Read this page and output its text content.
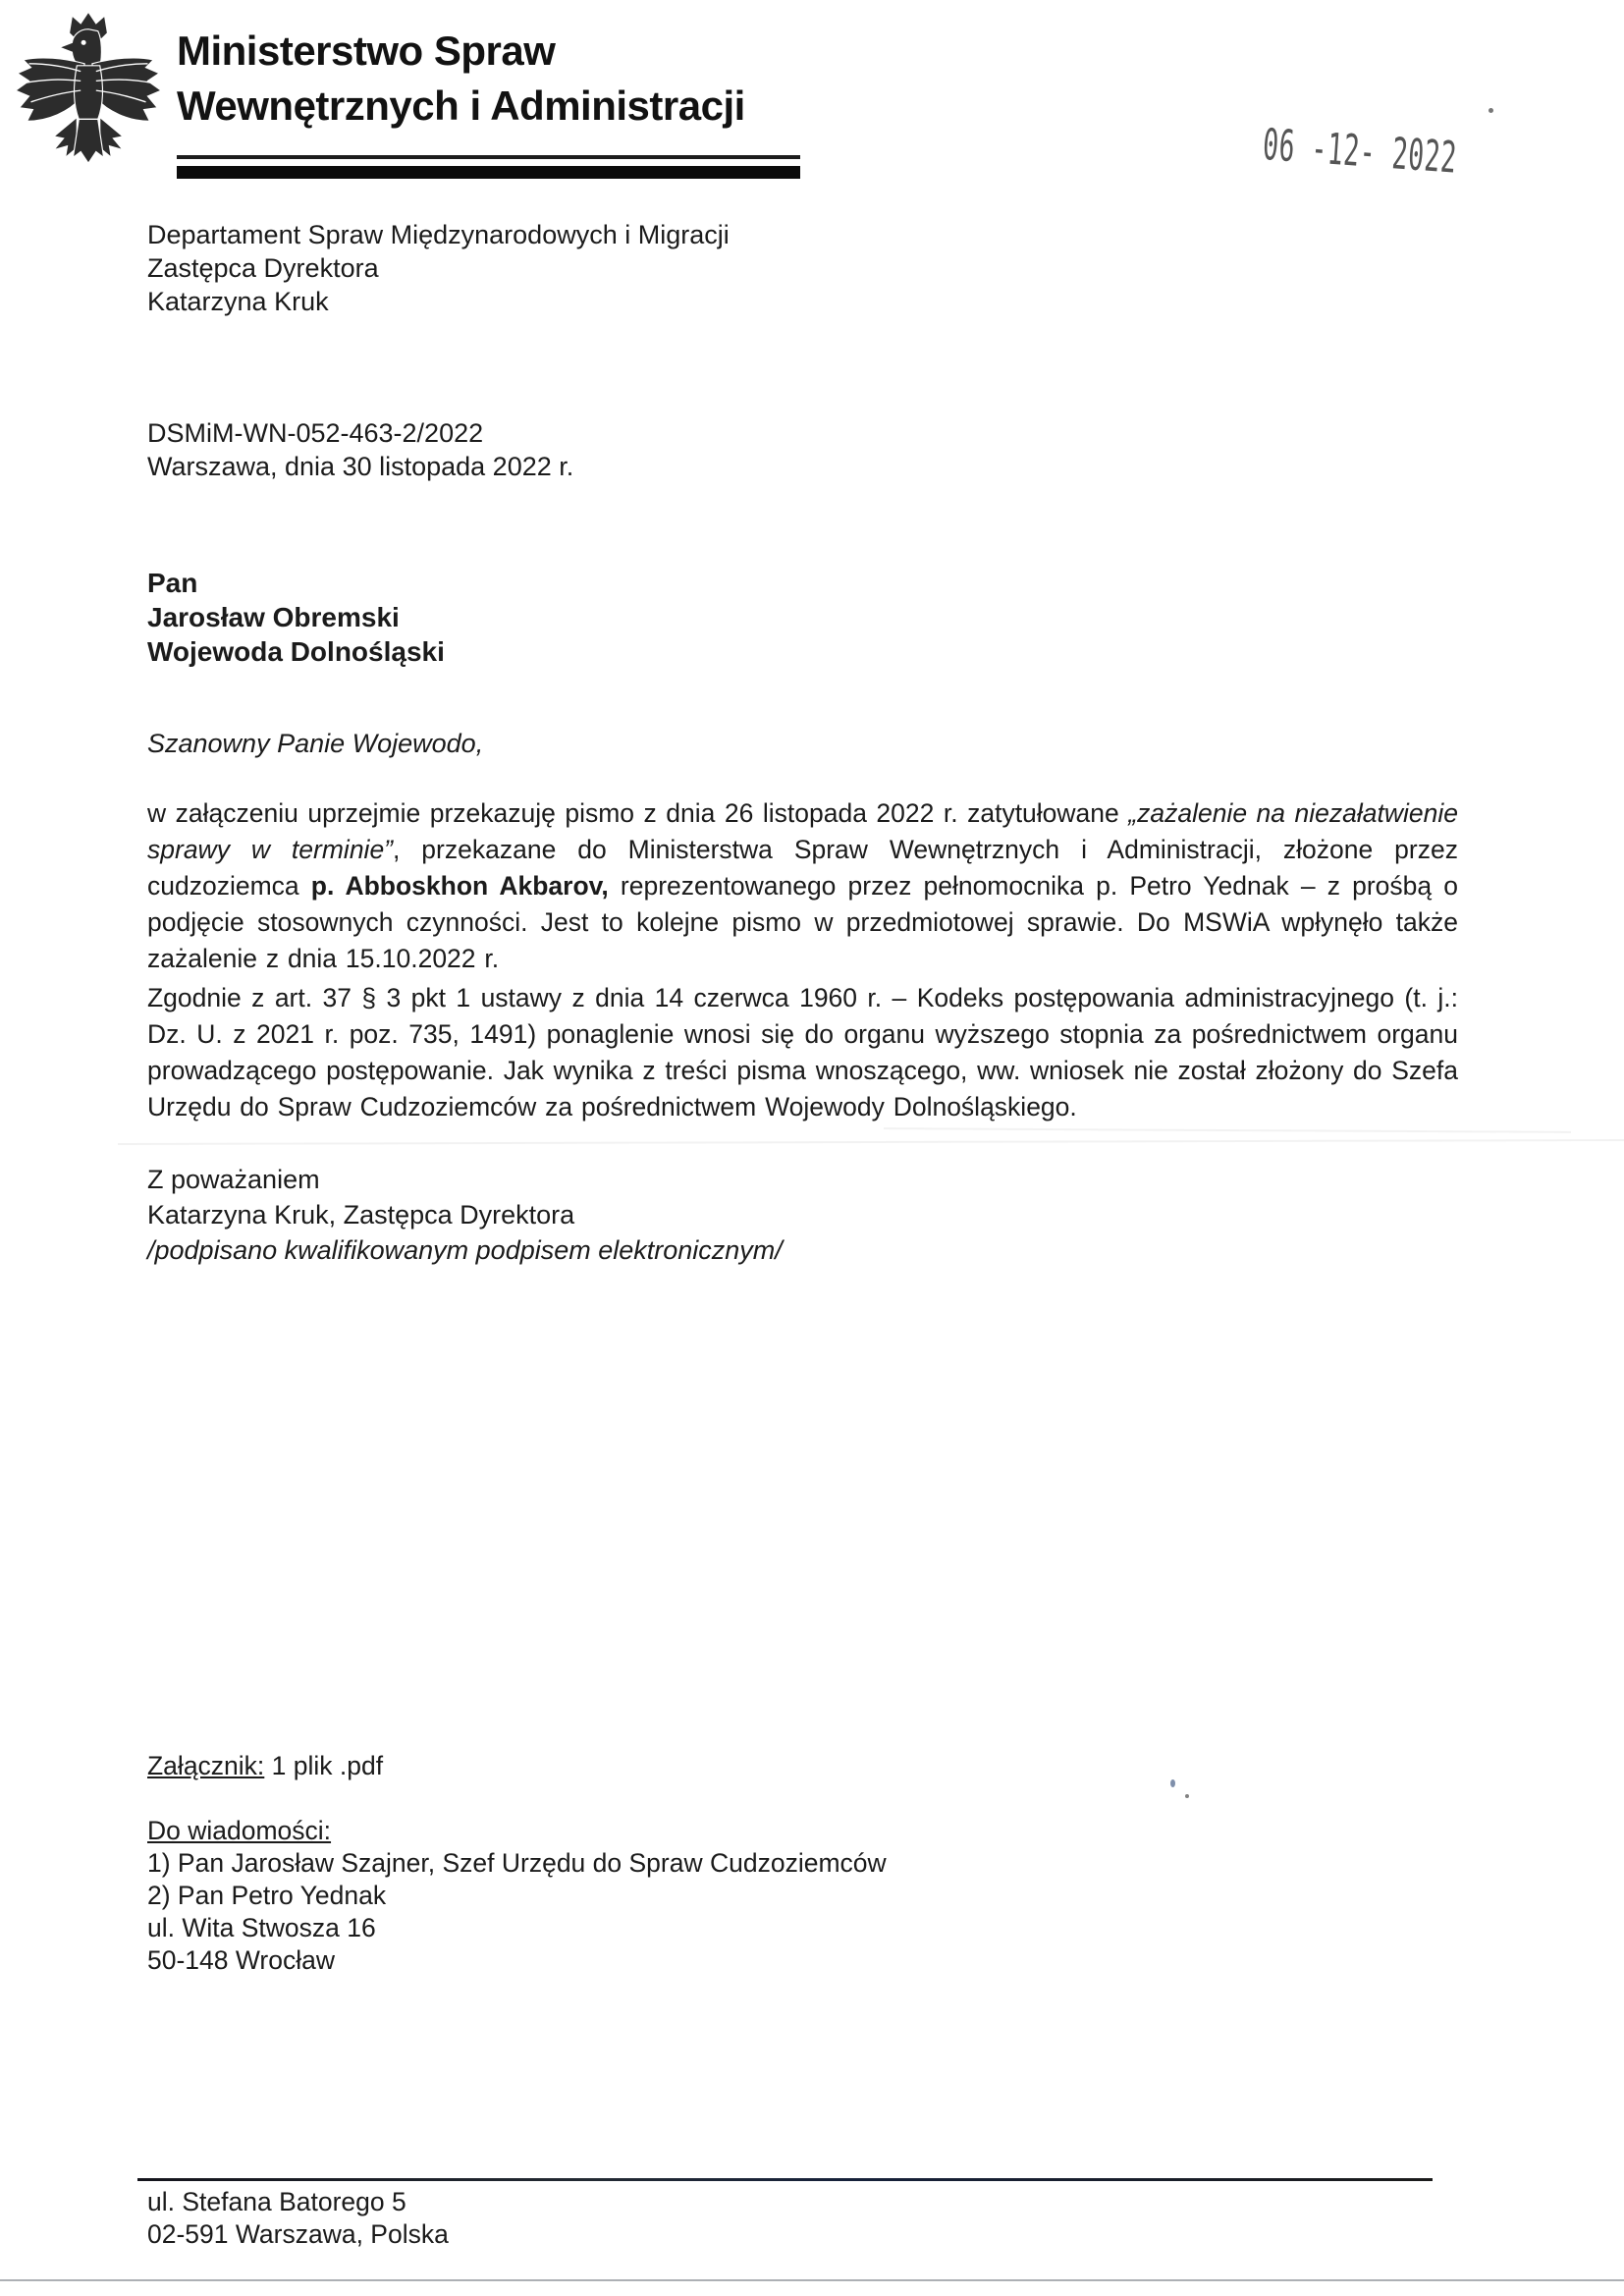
Ministerstwo Spraw
Wewnętrznych i Administracji
06 -12- 2022
Departament Spraw Międzynarodowych i Migracji
Zastępca Dyrektora
Katarzyna Kruk
DSMiM-WN-052-463-2/2022
Warszawa, dnia 30 listopada 2022 r.
Pan
Jarosław Obremski
Wojewoda Dolnośląski
Szanowny Panie Wojewodo,
w załączeniu uprzejmie przekazuję pismo z dnia 26 listopada 2022 r. zatytułowane „zażalenie na niezałatwienie sprawy w terminie”, przekazane do Ministerstwa Spraw Wewnętrznych i Administracji, złożone przez cudzoziemca p. Abboskhon Akbarov, reprezentowanego przez pełnomocnika p. Petro Yednak – z prośbą o podjęcie stosownych czynności. Jest to kolejne pismo w przedmiotowej sprawie. Do MSWiA wpłynęło także zażalenie z dnia 15.10.2022 r.
Zgodnie z art. 37 § 3 pkt 1 ustawy z dnia 14 czerwca 1960 r. – Kodeks postępowania administracyjnego (t. j.: Dz. U. z 2021 r. poz. 735, 1491) ponaglenie wnosi się do organu wyższego stopnia za pośrednictwem organu prowadzącego postępowanie. Jak wynika z treści pisma wnoszącego, ww. wniosek nie został złożony do Szefa Urzędu do Spraw Cudzoziemców za pośrednictwem Wojewody Dolnośląskiego.
Z poważaniem
Katarzyna Kruk, Zastępca Dyrektora
/podpisano kwalifikowanym podpisem elektronicznym/
Załącznik: 1 plik .pdf
Do wiadomości:
1) Pan Jarosław Szajner, Szef Urzędu do Spraw Cudzoziemców
2) Pan Petro Yednak
ul. Wita Stwosza 16
50-148 Wrocław
ul. Stefana Batorego 5
02-591 Warszawa, Polska
